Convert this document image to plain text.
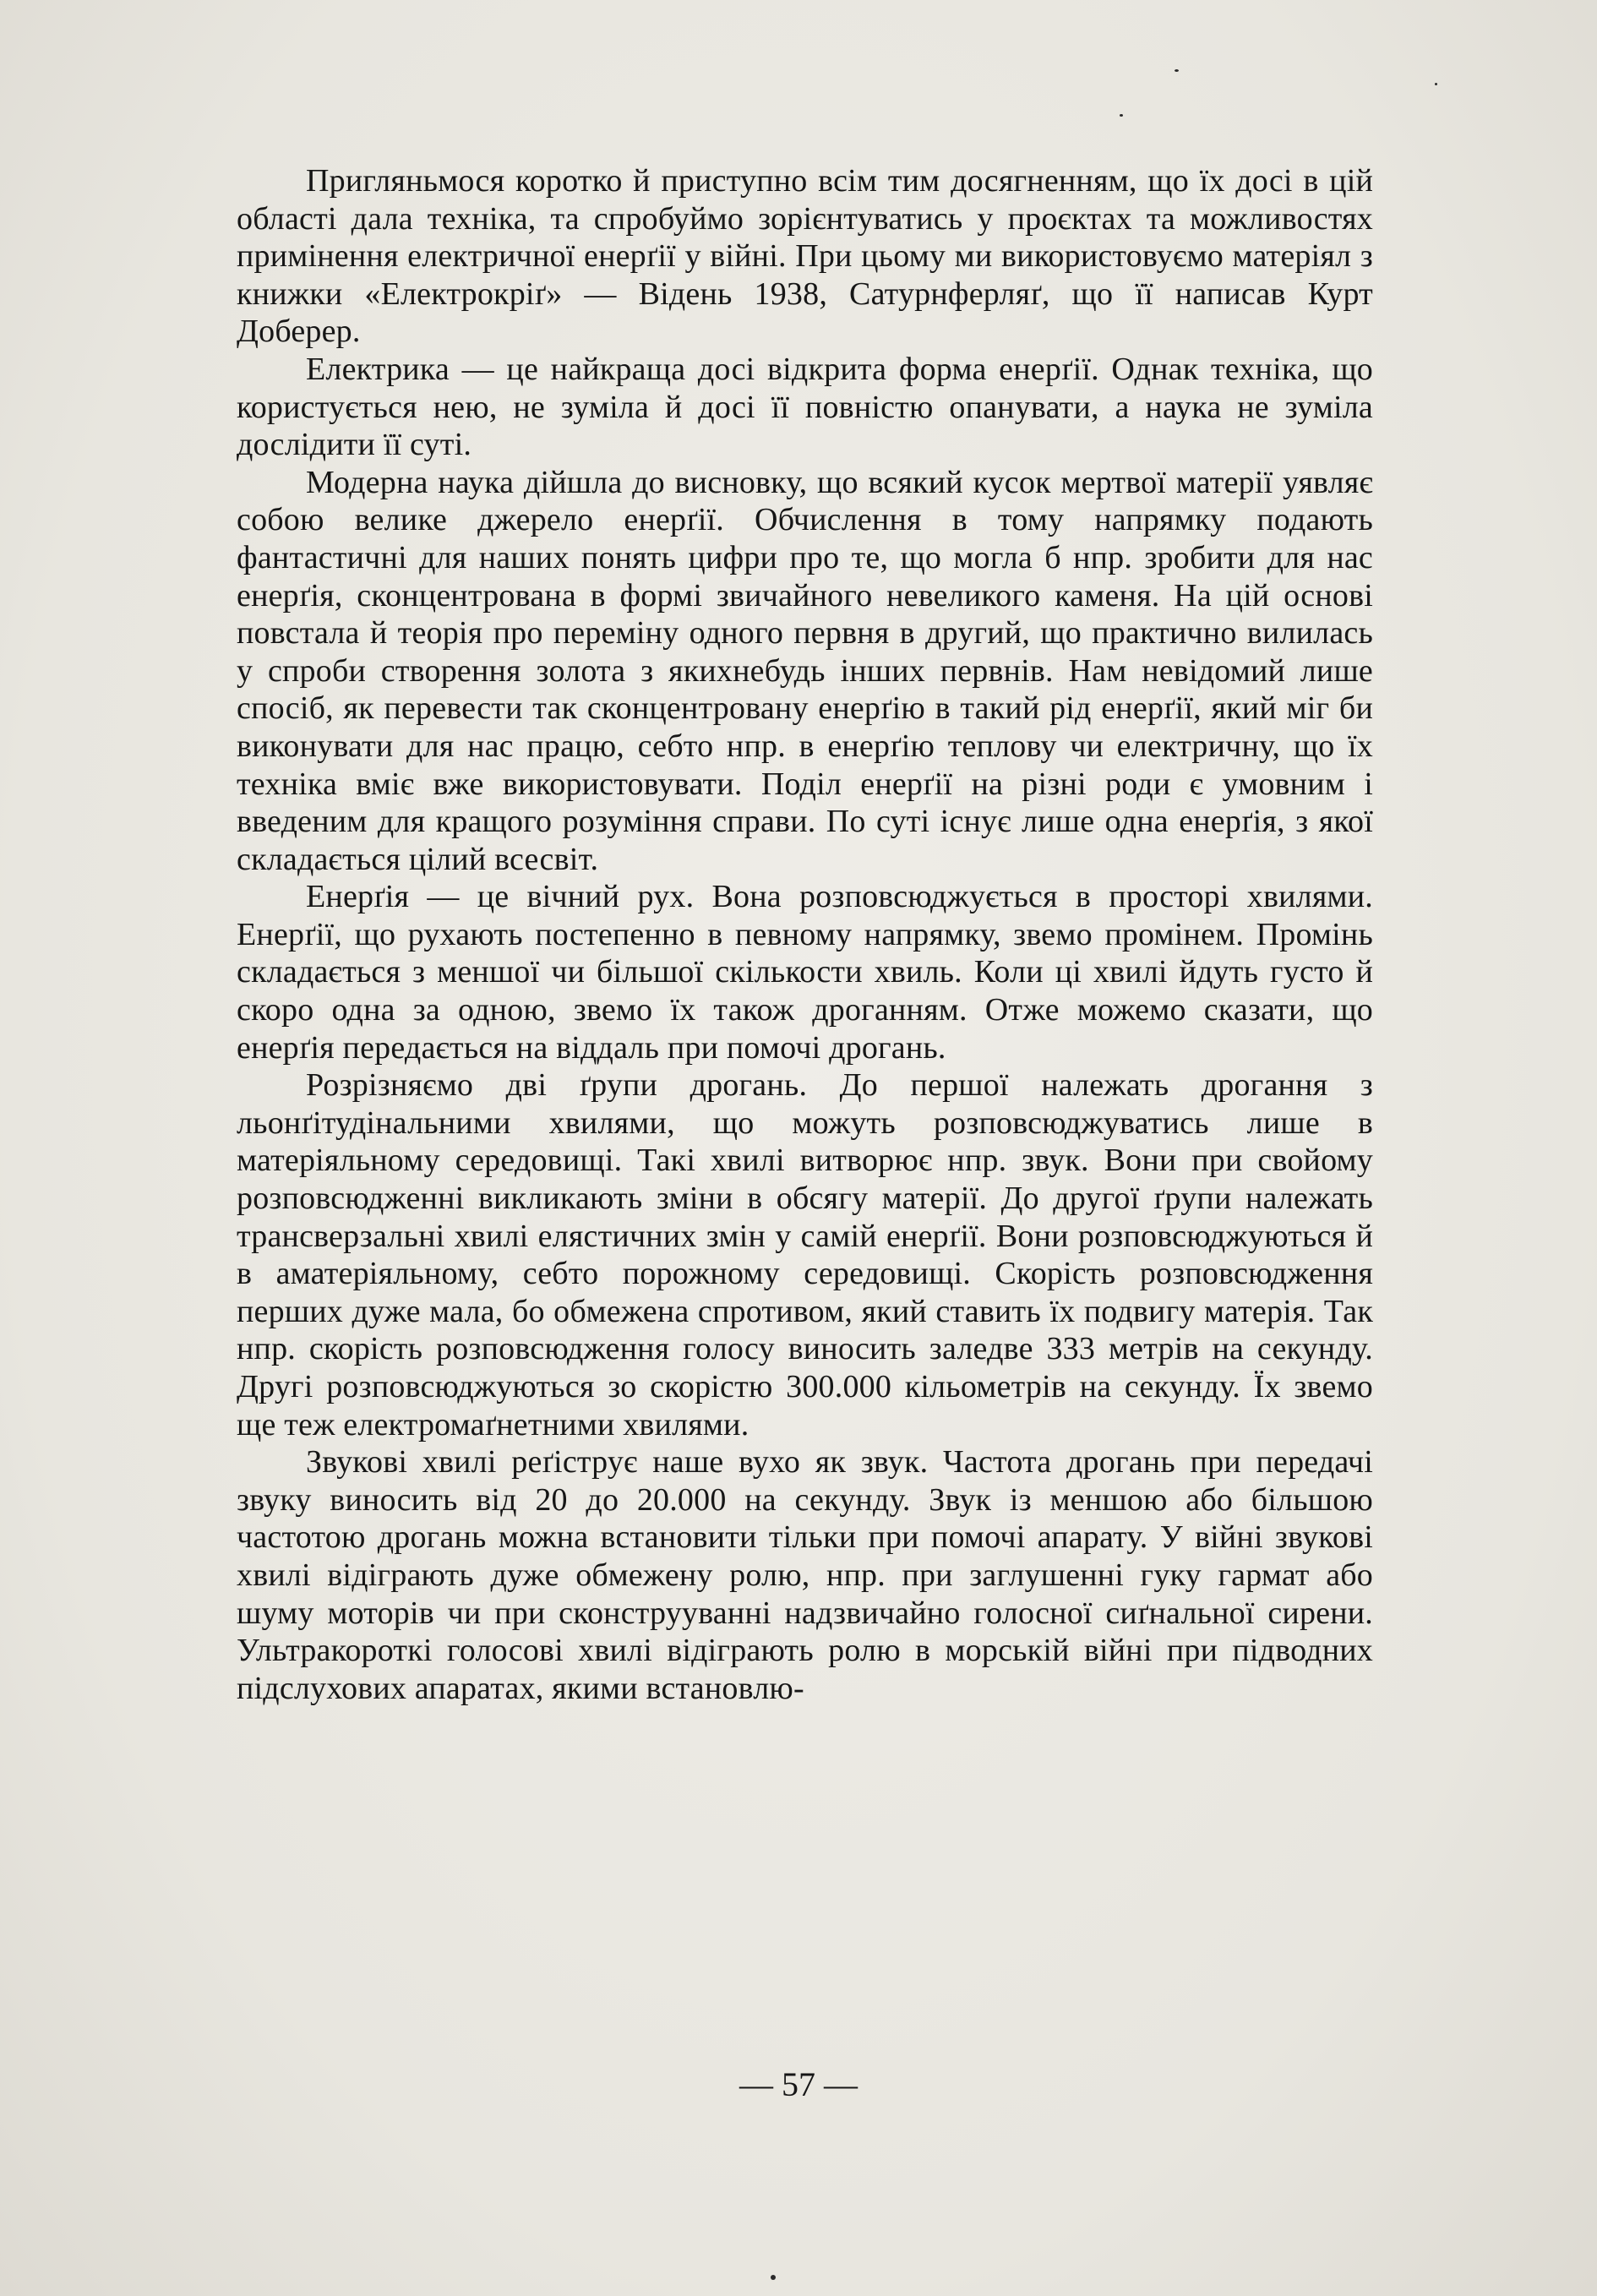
Пригляньмося коротко й приступно всім тим досягненням, що їх досі в цій області дала техніка, та спробуймо зорієнтуватись у проєктах та можливостях примінення електричної енерґії у війні. При цьому ми використовуємо матеріял з книжки «Електрокріґ» — Відень 1938, Сатурнферляґ, що її написав Курт Доберер.

Електрика — це найкраща досі відкрита форма енерґії. Однак техніка, що користується нею, не зуміла й досі її повністю опанувати, а наука не зуміла дослідити її суті.

Модерна наука дійшла до висновку, що всякий кусок мертвої матерії уявляє собою велике джерело енерґії. Обчислення в тому напрямку подають фантастичні для наших понять цифри про те, що могла б нпр. зробити для нас енерґія, сконцентрована в формі звичайного невеликого каменя. На цій основі повстала й теорія про переміну одного первня в другий, що практично вилилась у спроби створення золота з якихнебудь інших первнів. Нам невідомий лише спосіб, як перевести так сконцентровану енерґію в такий рід енерґії, який міг би виконувати для нас працю, себто нпр. в енерґію теплову чи електричну, що їх техніка вміє вже використовувати. Поділ енерґії на різні роди є умовним і введеним для кращого розуміння справи. По суті існує лише одна енерґія, з якої складається цілий всесвіт.

Енерґія — це вічний рух. Вона розповсюджується в просторі хвилями. Енерґії, що рухають постепенно в певному напрямку, звемо промінем. Промінь складається з меншої чи більшої скількости хвиль. Коли ці хвилі йдуть густо й скоро одна за одною, звемо їх також дроганням. Отже можемо сказати, що енерґія передається на віддаль при помочі дрогань.

Розрізняємо дві ґрупи дрогань. До першої належать дрогання з льонґітудінальними хвилями, що можуть розповсюджуватись лише в матеріяльному середовищі. Такі хвилі витворює нпр. звук. Вони при свойому розповсюдженні викликають зміни в обсягу матерії. До другої ґрупи належать трансверзальні хвилі елястичних змін у самій енерґії. Вони розповсюджуються й в аматеріяльному, себто порожному середовищі. Скорість розповсюдження перших дуже мала, бо обмежена спротивом, який ставить їх подвигу матерія. Так нпр. скорість розповсюдження голосу виносить заледве 333 метрів на секунду. Другі розповсюджуються зо скорістю 300.000 кільометрів на секунду. Їх звемо ще теж електромаґнетними хвилями.

Звукові хвилі реґіструє наше вухо як звук. Частота дрогань при передачі звуку виносить від 20 до 20.000 на секунду. Звук із меншою або більшою частотою дрогань можна встановити тільки при помочі апарату. У війні звукові хвилі відіграють дуже обмежену ролю, нпр. при заглушенні гуку гармат або шуму моторів чи при сконструуванні надзвичайно голосної сиґнальної сирени. Ультракороткі голосові хвилі відіграють ролю в морській війні при підводних підслухових апаратах, якими встановлю-

— 57 —
